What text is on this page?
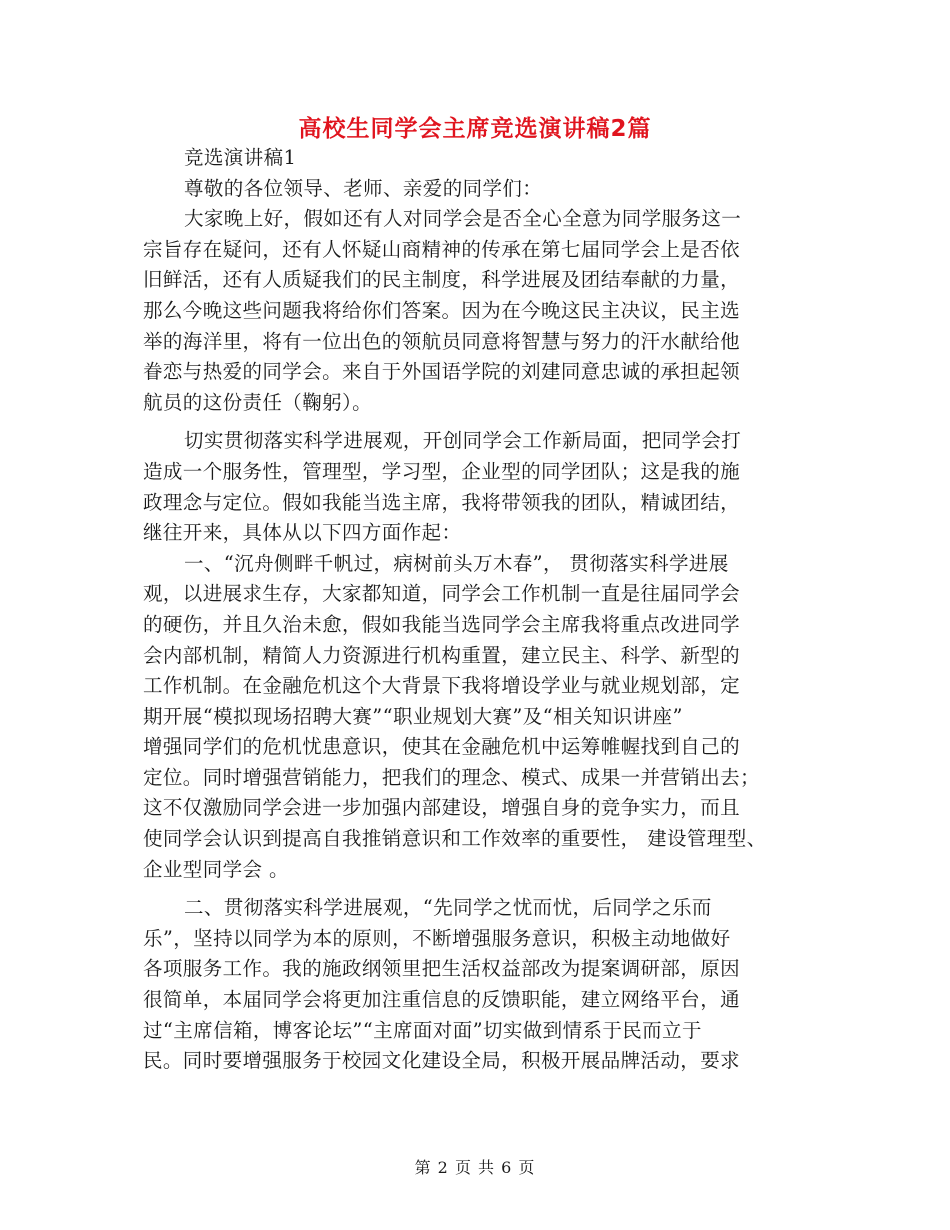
高校生同学会主席竞选演讲稿2篇
竞选演讲稿1
尊敬的各位领导、老师、亲爱的同学们：
大家晚上好，假如还有人对同学会是否全心全意为同学服务这一
宗旨存在疑问，还有人怀疑山商精神的传承在第七届同学会上是否依
旧鲜活，还有人质疑我们的民主制度，科学进展及团结奉献的力量，
那么今晚这些问题我将给你们答案。因为在今晚这民主决议，民主选
举的海洋里，将有一位出色的领航员同意将智慧与努力的汗水献给他
眷恋与热爱的同学会。来自于外国语学院的刘建同意忠诚的承担起领
航员的这份责任（鞠躬）。
切实贯彻落实科学进展观，开创同学会工作新局面，把同学会打
造成一个服务性，管理型，学习型，企业型的同学团队；这是我的施
政理念与定位。假如我能当选主席，我将带领我的团队，精诚团结，
继往开来，具体从以下四方面作起：
一、“沉舟侧畔千帆过，病树前头万木春”， 贯彻落实科学进展
观，以进展求生存，大家都知道，同学会工作机制一直是往届同学会
的硬伤，并且久治未愈，假如我能当选同学会主席我将重点改进同学
会内部机制，精简人力资源进行机构重置，建立民主、科学、新型的
工作机制。在金融危机这个大背景下我将增设学业与就业规划部，定
期开展“模拟现场招聘大赛”“职业规划大赛”及“相关知识讲座”
增强同学们的危机忧患意识，使其在金融危机中运筹帷幄找到自己的
定位。同时增强营销能力，把我们的理念、模式、成果一并营销出去；
这不仅激励同学会进一步加强内部建设，增强自身的竞争实力，而且
使同学会认识到提高自我推销意识和工作效率的重要性， 建设管理型、
企业型同学会 。
二、贯彻落实科学进展观，“先同学之忧而忧，后同学之乐而
乐”，坚持以同学为本的原则，不断增强服务意识，积极主动地做好
各项服务工作。我的施政纲领里把生活权益部改为提案调研部，原因
很简单，本届同学会将更加注重信息的反馈职能，建立网络平台，通
过“主席信箱，博客论坛”“主席面对面”切实做到情系于民而立于
民。同时要增强服务于校园文化建设全局，积极开展品牌活动，要求
第 2 页 共 6 页
